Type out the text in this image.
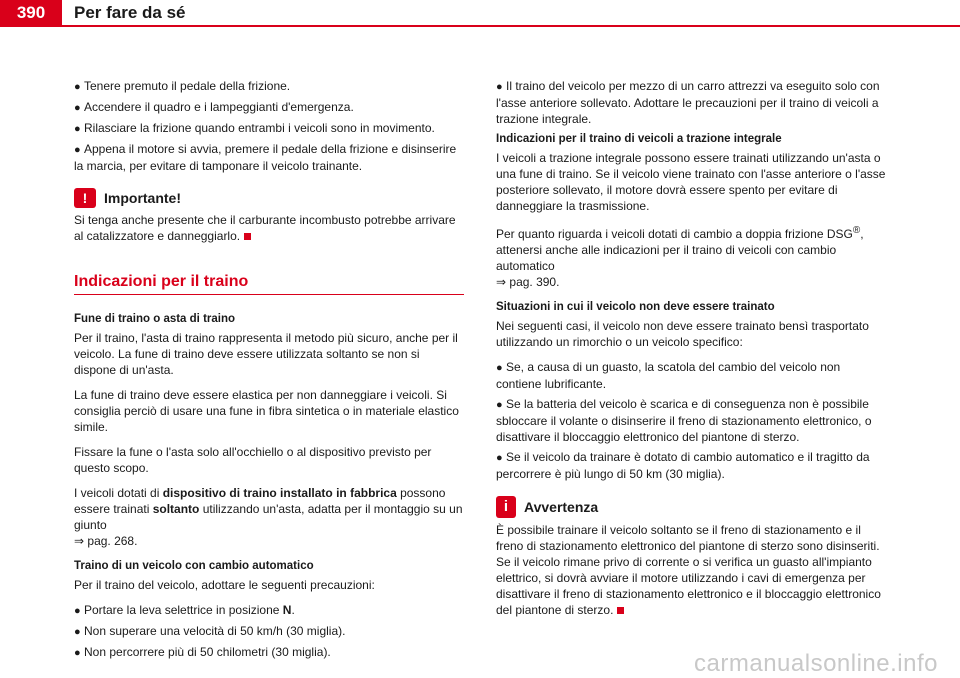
390	Per fare da sé

● Tenere premuto il pedale della frizione.

● Accendere il quadro e i lampeggianti d'emergenza.

● Rilasciare la frizione quando entrambi i veicoli sono in movimento.

● Appena il motore si avvia, premere il pedale della frizione e disinserire la marcia, per evitare di tamponare il veicolo trainante.

!	Importante!

Si tenga anche presente che il carburante incombusto potrebbe arrivare al catalizzatore e danneggiarlo.

Indicazioni per il traino

Fune di traino o asta di traino

Per il traino, l'asta di traino rappresenta il metodo più sicuro, anche per il veicolo. La fune di traino deve essere utilizzata soltanto se non si dispone di un'asta.

La fune di traino deve essere elastica per non danneggiare i veicoli. Si consiglia perciò di usare una fune in fibra sintetica o in materiale elastico simile.

Fissare la fune o l'asta solo all'occhiello o al dispositivo previsto per questo scopo.

I veicoli dotati di dispositivo di traino installato in fabbrica possono essere trainati soltanto utilizzando un'asta, adatta per il montaggio su un giunto
⇒ pag. 268.

Traino di un veicolo con cambio automatico

Per il traino del veicolo, adottare le seguenti precauzioni:

● Portare la leva selettrice in posizione N.

● Non superare una velocità di 50 km/h (30 miglia).

● Non percorrere più di 50 chilometri (30 miglia).

● Il traino del veicolo per mezzo di un carro attrezzi va eseguito solo con l'asse anteriore sollevato. Adottare le precauzioni per il traino di veicoli a trazione integrale.

Indicazioni per il traino di veicoli a trazione integrale

I veicoli a trazione integrale possono essere trainati utilizzando un'asta o una fune di traino. Se il veicolo viene trainato con l'asse anteriore o l'asse posteriore sollevato, il motore dovrà essere spento per evitare di danneggiare la trasmissione.

Per quanto riguarda i veicoli dotati di cambio a doppia frizione DSG®, attenersi anche alle indicazioni per il traino di veicoli con cambio automatico
⇒ pag. 390.

Situazioni in cui il veicolo non deve essere trainato

Nei seguenti casi, il veicolo non deve essere trainato bensì trasportato utilizzando un rimorchio o un veicolo specifico:

● Se, a causa di un guasto, la scatola del cambio del veicolo non contiene lubrificante.

● Se la batteria del veicolo è scarica e di conseguenza non è possibile sbloccare il volante o disinserire il freno di stazionamento elettronico, o disattivare il bloccaggio elettronico del piantone di sterzo.

● Se il veicolo da trainare è dotato di cambio automatico e il tragitto da percorrere è più lungo di 50 km (30 miglia).

i	Avvertenza

È possibile trainare il veicolo soltanto se il freno di stazionamento e il freno di stazionamento elettronico del piantone di sterzo sono disinseriti. Se il veicolo rimane privo di corrente o si verifica un guasto all'impianto elettrico, si dovrà avviare il motore utilizzando i cavi di emergenza per disattivare il freno di stazionamento elettronico e il bloccaggio elettronico del piantone di sterzo.

carmanualsonline.info
